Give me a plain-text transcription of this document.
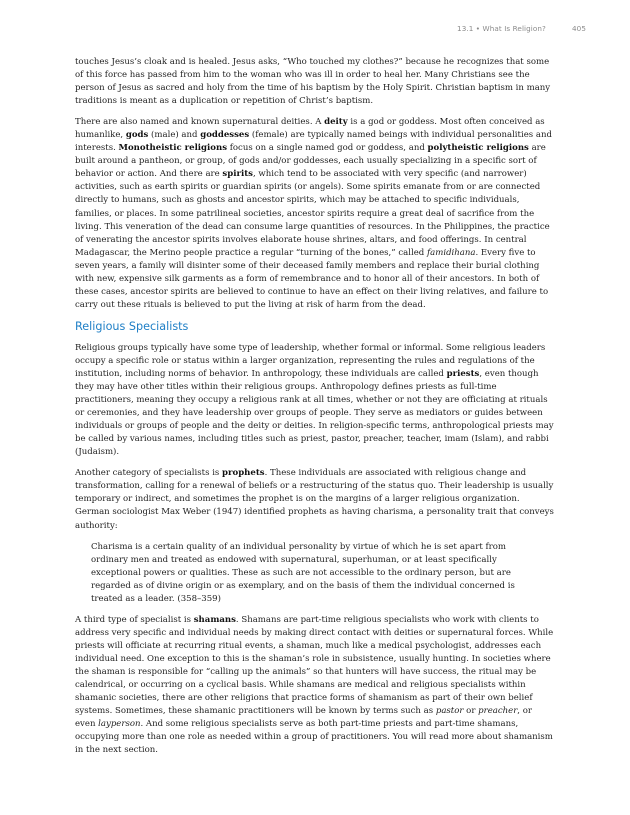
13.1 • What Is Religion?	405

touches Jesus’s cloak and is healed. Jesus asks, “Who touched my clothes?” because he recognizes that some of this force has passed from him to the woman who was ill in order to heal her. Many Christians see the person of Jesus as sacred and holy from the time of his baptism by the Holy Spirit. Christian baptism in many traditions is meant as a duplication or repetition of Christ’s baptism.

There are also named and known supernatural deities. A deity is a god or goddess. Most often conceived as humanlike, gods (male) and goddesses (female) are typically named beings with individual personalities and interests. Monotheistic religions focus on a single named god or goddess, and polytheistic religions are built around a pantheon, or group, of gods and/or goddesses, each usually specializing in a specific sort of behavior or action. And there are spirits, which tend to be associated with very specific (and narrower) activities, such as earth spirits or guardian spirits (or angels). Some spirits emanate from or are connected directly to humans, such as ghosts and ancestor spirits, which may be attached to specific individuals, families, or places. In some patrilineal societies, ancestor spirits require a great deal of sacrifice from the living. This veneration of the dead can consume large quantities of resources. In the Philippines, the practice of venerating the ancestor spirits involves elaborate house shrines, altars, and food offerings. In central Madagascar, the Merino people practice a regular “turning of the bones,” called famidihana. Every five to seven years, a family will disinter some of their deceased family members and replace their burial clothing with new, expensive silk garments as a form of remembrance and to honor all of their ancestors. In both of these cases, ancestor spirits are believed to continue to have an effect on their living relatives, and failure to carry out these rituals is believed to put the living at risk of harm from the dead.

Religious Specialists

Religious groups typically have some type of leadership, whether formal or informal. Some religious leaders occupy a specific role or status within a larger organization, representing the rules and regulations of the institution, including norms of behavior. In anthropology, these individuals are called priests, even though they may have other titles within their religious groups. Anthropology defines priests as full-time practitioners, meaning they occupy a religious rank at all times, whether or not they are officiating at rituals or ceremonies, and they have leadership over groups of people. They serve as mediators or guides between individuals or groups of people and the deity or deities. In religion-specific terms, anthropological priests may be called by various names, including titles such as priest, pastor, preacher, teacher, imam (Islam), and rabbi (Judaism).

Another category of specialists is prophets. These individuals are associated with religious change and transformation, calling for a renewal of beliefs or a restructuring of the status quo. Their leadership is usually temporary or indirect, and sometimes the prophet is on the margins of a larger religious organization. German sociologist Max Weber (1947) identified prophets as having charisma, a personality trait that conveys authority:

Charisma is a certain quality of an individual personality by virtue of which he is set apart from ordinary men and treated as endowed with supernatural, superhuman, or at least specifically exceptional powers or qualities. These as such are not accessible to the ordinary person, but are regarded as of divine origin or as exemplary, and on the basis of them the individual concerned is treated as a leader. (358–359)

A third type of specialist is shamans. Shamans are part-time religious specialists who work with clients to address very specific and individual needs by making direct contact with deities or supernatural forces. While priests will officiate at recurring ritual events, a shaman, much like a medical psychologist, addresses each individual need. One exception to this is the shaman’s role in subsistence, usually hunting. In societies where the shaman is responsible for “calling up the animals” so that hunters will have success, the ritual may be calendrical, or occurring on a cyclical basis. While shamans are medical and religious specialists within shamanic societies, there are other religions that practice forms of shamanism as part of their own belief systems. Sometimes, these shamanic practitioners will be known by terms such as pastor or preacher, or even layperson. And some religious specialists serve as both part-time priests and part-time shamans, occupying more than one role as needed within a group of practitioners. You will read more about shamanism in the next section.
